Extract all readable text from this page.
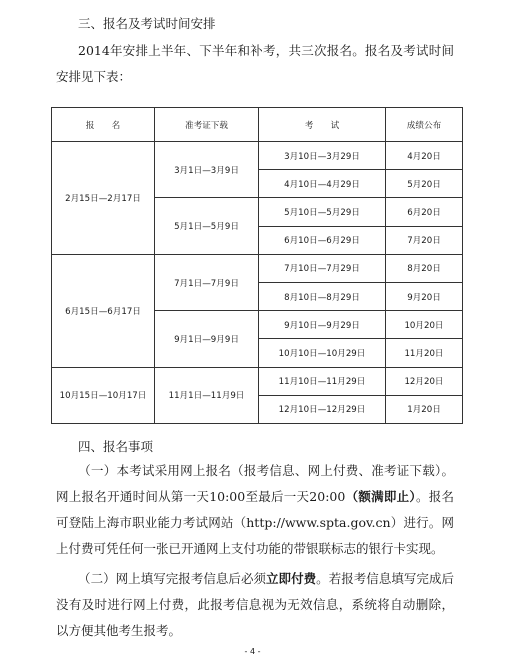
三、报名及考试时间安排
2014年安排上半年、下半年和补考，共三次报名。报名及考试时间安排见下表：
报　　名	准考证下载	考　　试	成绩公布
2月15日—2月17日	3月1日—3月9日	3月10日—3月29日	4月20日
		4月10日—4月29日	5月20日
	5月1日—5月9日	5月10日—5月29日	6月20日
		6月10日—6月29日	7月20日
6月15日—6月17日	7月1日—7月9日	7月10日—7月29日	8月20日
		8月10日—8月29日	9月20日
	9月1日—9月9日	9月10日—9月29日	10月20日
		10月10日—10月29日	11月20日
10月15日—10月17日	11月1日—11月9日	11月10日—11月29日	12月20日
		12月10日—12月29日	1月20日
四、报名事项
（一）本考试采用网上报名（报考信息、网上付费、准考证下载）。网上报名开通时间从第一天10:00至最后一天20:00（额满即止）。报名可登陆上海市职业能力考试网站（http://www.spta.gov.cn）进行。网上付费可凭任何一张已开通网上支付功能的带银联标志的银行卡实现。
（二）网上填写完报考信息后必须立即付费。若报考信息填写完成后没有及时进行网上付费，此报考信息视为无效信息，系统将自动删除，以方便其他考生报考。
- 4 -
